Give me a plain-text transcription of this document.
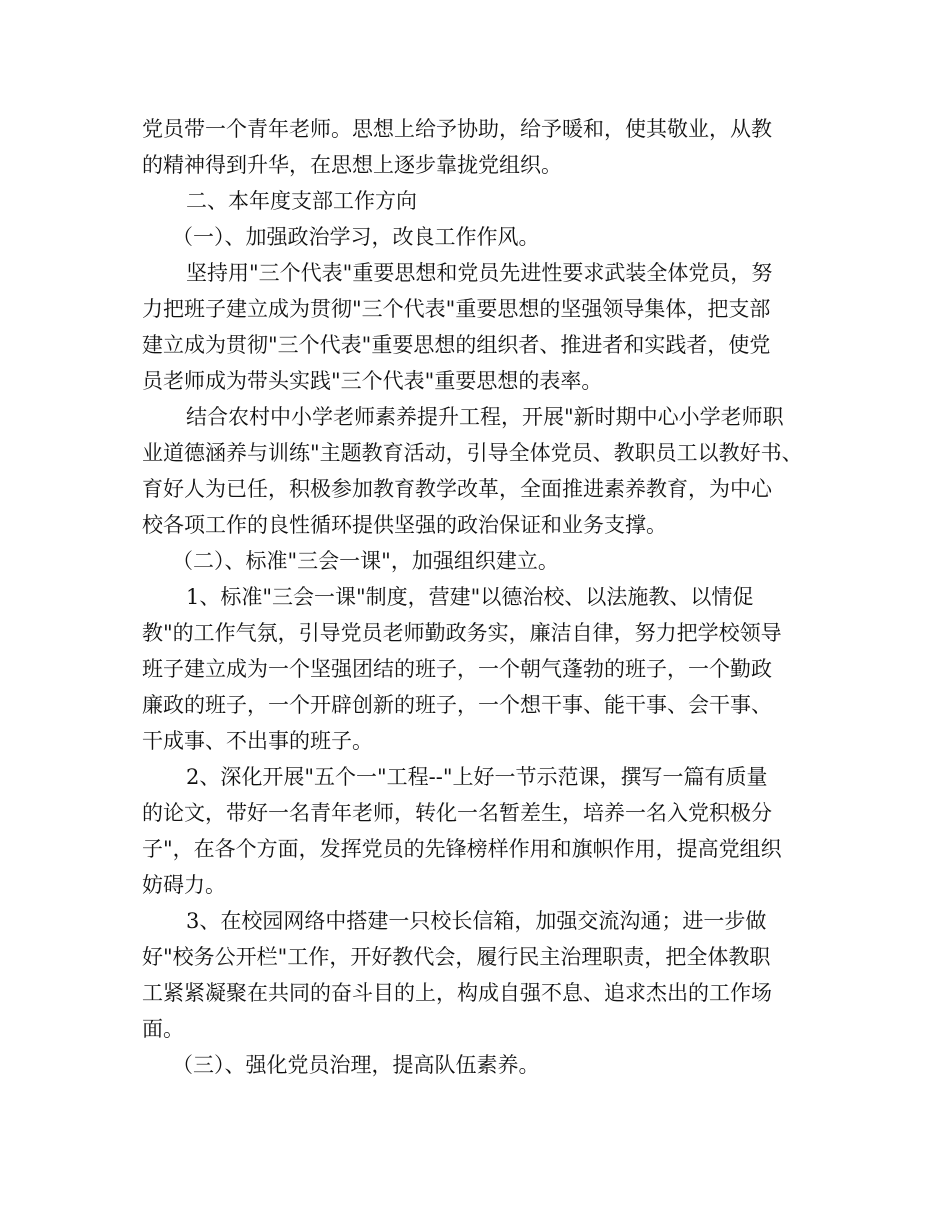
党员带一个青年老师。思想上给予协助，给予暖和，使其敬业，从教
的精神得到升华，在思想上逐步靠拢党组织。
二、本年度支部工作方向
（一）、加强政治学习，改良工作作风。
坚持用"三个代表"重要思想和党员先进性要求武装全体党员，努
力把班子建立成为贯彻"三个代表"重要思想的坚强领导集体，把支部
建立成为贯彻"三个代表"重要思想的组织者、推进者和实践者，使党
员老师成为带头实践"三个代表"重要思想的表率。
结合农村中小学老师素养提升工程，开展"新时期中心小学老师职
业道德涵养与训练"主题教育活动，引导全体党员、教职员工以教好书、
育好人为已任，积极参加教育教学改革，全面推进素养教育，为中心
校各项工作的良性循环提供坚强的政治保证和业务支撑。
（二）、标准"三会一课"，加强组织建立。
1、标准"三会一课"制度，营建"以德治校、以法施教、以情促
教"的工作气氛，引导党员老师勤政务实，廉洁自律，努力把学校领导
班子建立成为一个坚强团结的班子，一个朝气蓬勃的班子，一个勤政
廉政的班子，一个开辟创新的班子，一个想干事、能干事、会干事、
干成事、不出事的班子。
2、深化开展"五个一"工程--"上好一节示范课，撰写一篇有质量
的论文，带好一名青年老师，转化一名暂差生，培养一名入党积极分
子"，在各个方面，发挥党员的先锋榜样作用和旗帜作用，提高党组织
妨碍力。
3、在校园网络中搭建一只校长信箱，加强交流沟通；进一步做
好"校务公开栏"工作，开好教代会，履行民主治理职责，把全体教职
工紧紧凝聚在共同的奋斗目的上，构成自强不息、追求杰出的工作场
面。
（三）、强化党员治理，提高队伍素养。
